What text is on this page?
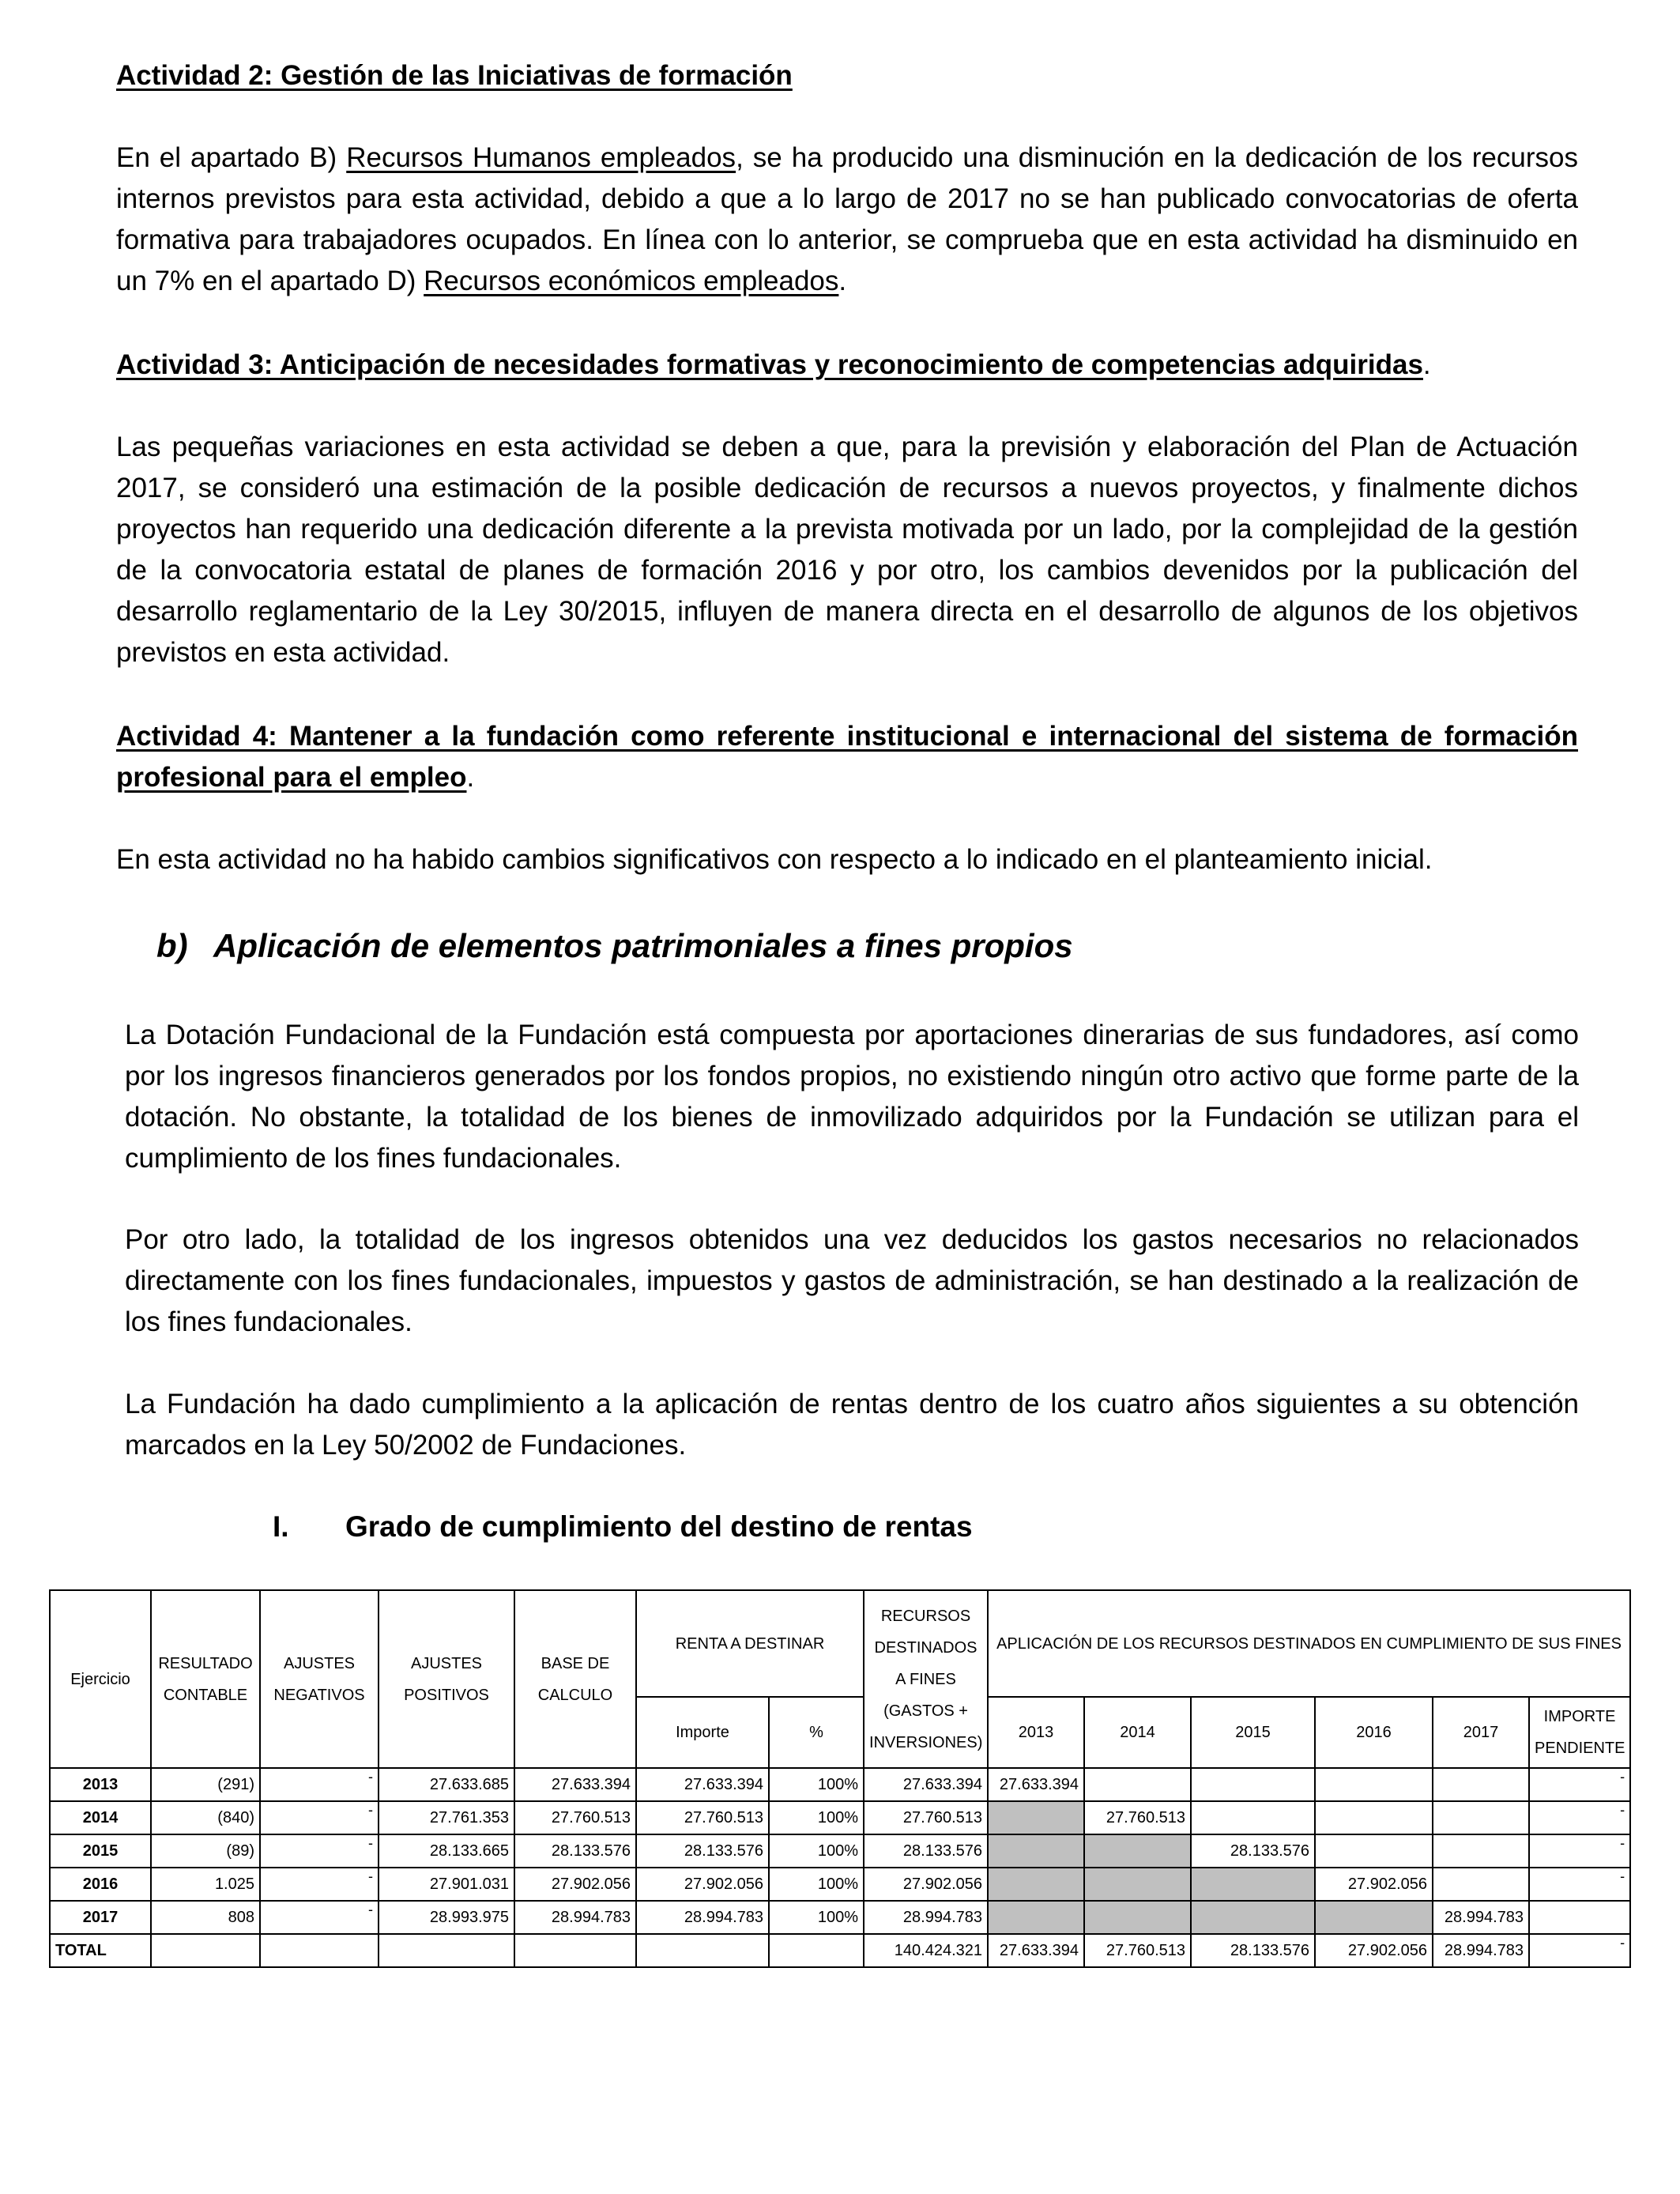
Actividad 2: Gestión de las Iniciativas de formación
En el apartado B) Recursos Humanos empleados, se ha producido una disminución en la dedicación de los recursos internos previstos para esta actividad, debido a que a lo largo de 2017 no se han publicado convocatorias de oferta formativa para trabajadores ocupados. En línea con lo anterior, se comprueba que en esta actividad ha disminuido en un 7% en el apartado D) Recursos económicos empleados.
Actividad 3: Anticipación de necesidades formativas y reconocimiento de competencias adquiridas.
Las pequeñas variaciones en esta actividad se deben a que, para la previsión y elaboración del Plan de Actuación 2017, se consideró una estimación de la posible dedicación de recursos a nuevos proyectos, y finalmente dichos proyectos han requerido una dedicación diferente a la prevista motivada por un lado, por la complejidad de la gestión de la convocatoria estatal de planes de formación 2016 y por otro, los cambios devenidos por la publicación del desarrollo reglamentario de la Ley 30/2015, influyen de manera directa en el desarrollo de algunos de los objetivos previstos en esta actividad.
Actividad 4: Mantener a la fundación como referente institucional e internacional del sistema de formación profesional para el empleo.
En esta actividad no ha habido cambios significativos con respecto a lo indicado en el planteamiento inicial.
b) Aplicación de elementos patrimoniales a fines propios
La Dotación Fundacional de la Fundación está compuesta por aportaciones dinerarias de sus fundadores, así como por los ingresos financieros generados por los fondos propios, no existiendo ningún otro activo que forme parte de la dotación. No obstante, la totalidad de los bienes de inmovilizado adquiridos por la Fundación se utilizan para el cumplimiento de los fines fundacionales.
Por otro lado, la totalidad de los ingresos obtenidos una vez deducidos los gastos necesarios no relacionados directamente con los fines fundacionales, impuestos y gastos de administración, se han destinado a la realización de los fines fundacionales.
La Fundación ha dado cumplimiento a la aplicación de rentas dentro de los cuatro años siguientes a su obtención marcados en la Ley 50/2002 de Fundaciones.
I. Grado de cumplimiento del destino de rentas
Ejercicio	RESULTADO CONTABLE	AJUSTES NEGATIVOS	AJUSTES POSITIVOS	BASE DE CALCULO	RENTA A DESTINAR		RECURSOS DESTINADOS A FINES (GASTOS + INVERSIONES)	APLICACIÓN DE LOS RECURSOS DESTINADOS EN CUMPLIMIENTO DE SUS FINES					
					Importe	%		2013	2014	2015	2016	2017	IMPORTE PENDIENTE
2013	(291)	-	27.633.685	27.633.394	27.633.394	100%	27.633.394	27.633.394					-
2014	(840)	-	27.761.353	27.760.513	27.760.513	100%	27.760.513		27.760.513				-
2015	(89)	-	28.133.665	28.133.576	28.133.576	100%	28.133.576			28.133.576			-
2016	1.025	-	27.901.031	27.902.056	27.902.056	100%	27.902.056				27.902.056		-
2017	808	-	28.993.975	28.994.783	28.994.783	100%	28.994.783					28.994.783	
TOTAL							140.424.321	27.633.394	27.760.513	28.133.576	27.902.056	28.994.783	-
